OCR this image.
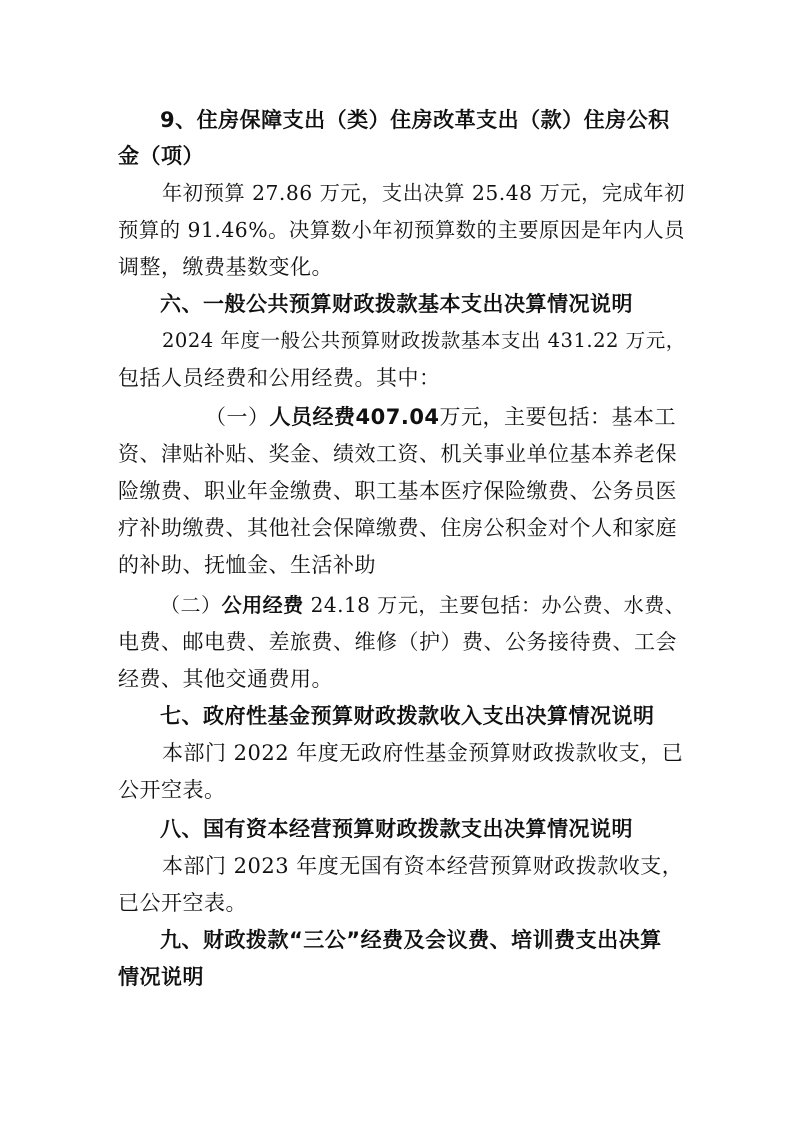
9、住房保障支出（类）住房改革支出（款）住房公积

金（项）

年初预算 27.86 万元，支出决算 25.48 万元，完成年初

预算的 91.46%。决算数小年初预算数的主要原因是年内人员

调整，缴费基数变化。

六、一般公共预算财政拨款基本支出决算情况说明

2024 年度一般公共预算财政拨款基本支出 431.22 万元，

包括人员经费和公用经费。其中：

（一）人员经费407.04万元，主要包括：基本工

资、津贴补贴、奖金、绩效工资、机关事业单位基本养老保

险缴费、职业年金缴费、职工基本医疗保险缴费、公务员医

疗补助缴费、其他社会保障缴费、住房公积金对个人和家庭

的补助、抚恤金、生活补助

（二）公用经费 24.18 万元，主要包括：办公费、水费、

电费、邮电费、差旅费、维修（护）费、公务接待费、工会

经费、其他交通费用。

七、政府性基金预算财政拨款收入支出决算情况说明

本部门 2022 年度无政府性基金预算财政拨款收支，已

公开空表。

八、国有资本经营预算财政拨款支出决算情况说明

本部门 2023 年度无国有资本经营预算财政拨款收支，

已公开空表。

九、财政拨款“三公”经费及会议费、培训费支出决算

情况说明
